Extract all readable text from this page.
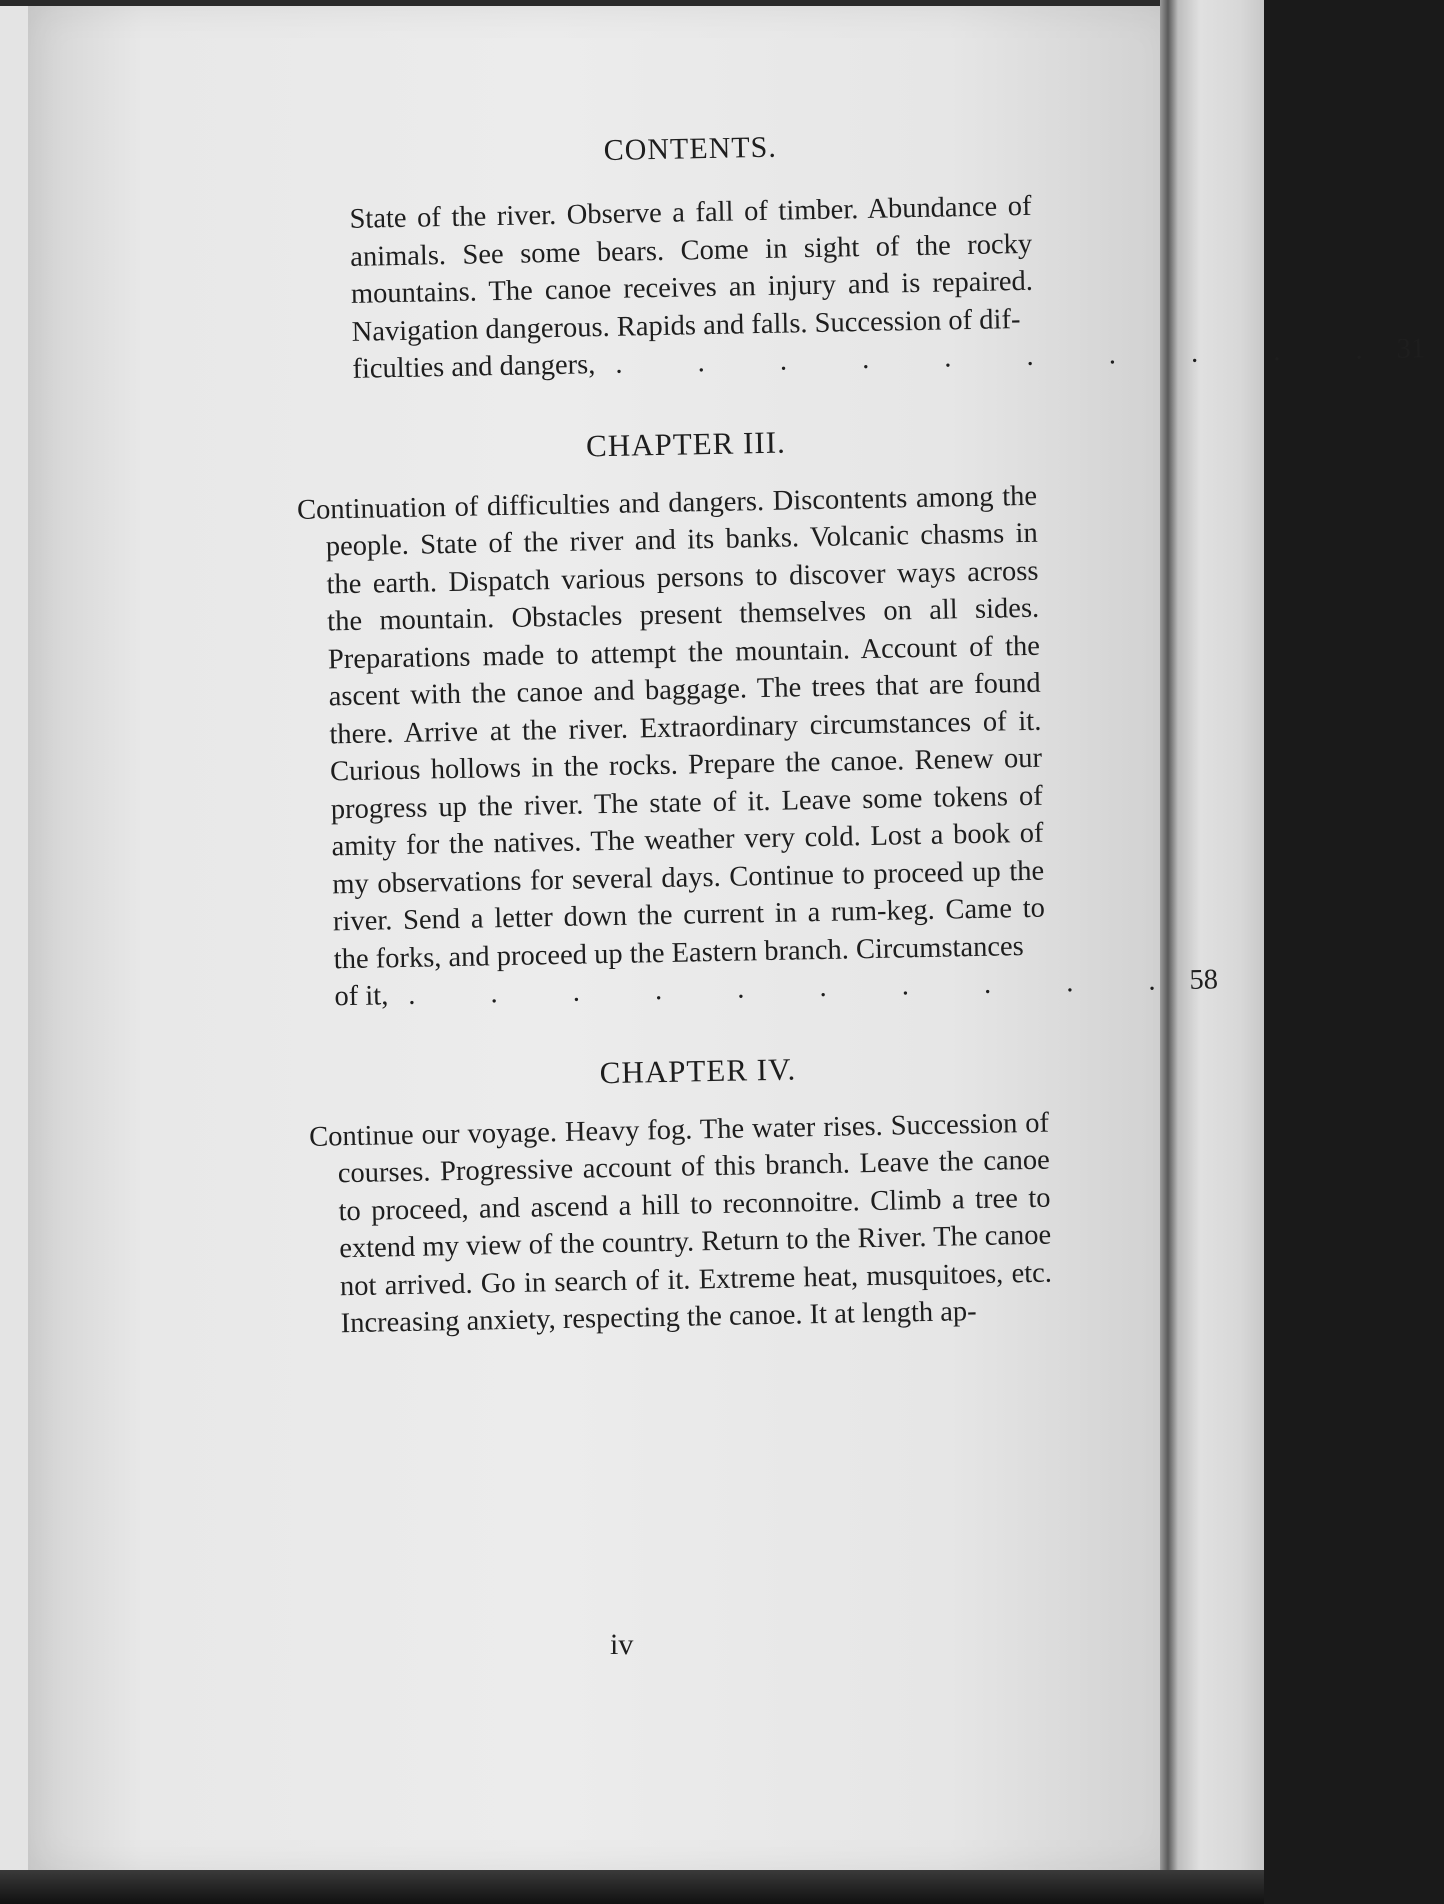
CONTENTS.

State of the river. Observe a fall of timber. Abundance of animals. See some bears. Come in sight of the rocky mountains. The canoe receives an injury and is repaired. Navigation dangerous. Rapids and falls. Succession of dif-

ficulties and dangers, . . . . . . . . . . 31
CHAPTER III.

Continuation of difficulties and dangers. Discontents among the people. State of the river and its banks. Volcanic chasms in the earth. Dispatch various persons to discover ways across the mountain. Obstacles present themselves on all sides. Preparations made to attempt the mountain. Account of the ascent with the canoe and baggage. The trees that are found there. Arrive at the river. Extraordinary circumstances of it. Curious hollows in the rocks. Prepare the canoe. Renew our progress up the river. The state of it. Leave some tokens of amity for the natives. The weather very cold. Lost a book of my observations for several days. Continue to proceed up the river. Send a letter down the current in a rum-keg. Came to the forks, and proceed up the Eastern branch. Circumstances

of it, . . . . . . . . . . 58
CHAPTER IV.

Continue our voyage. Heavy fog. The water rises. Succession of courses. Progressive account of this branch. Leave the canoe to proceed, and ascend a hill to reconnoitre. Climb a tree to extend my view of the country. Return to the River. The canoe not arrived. Go in search of it. Extreme heat, musquitoes, etc. Increasing anxiety, respecting the canoe. It at length ap-

iv
